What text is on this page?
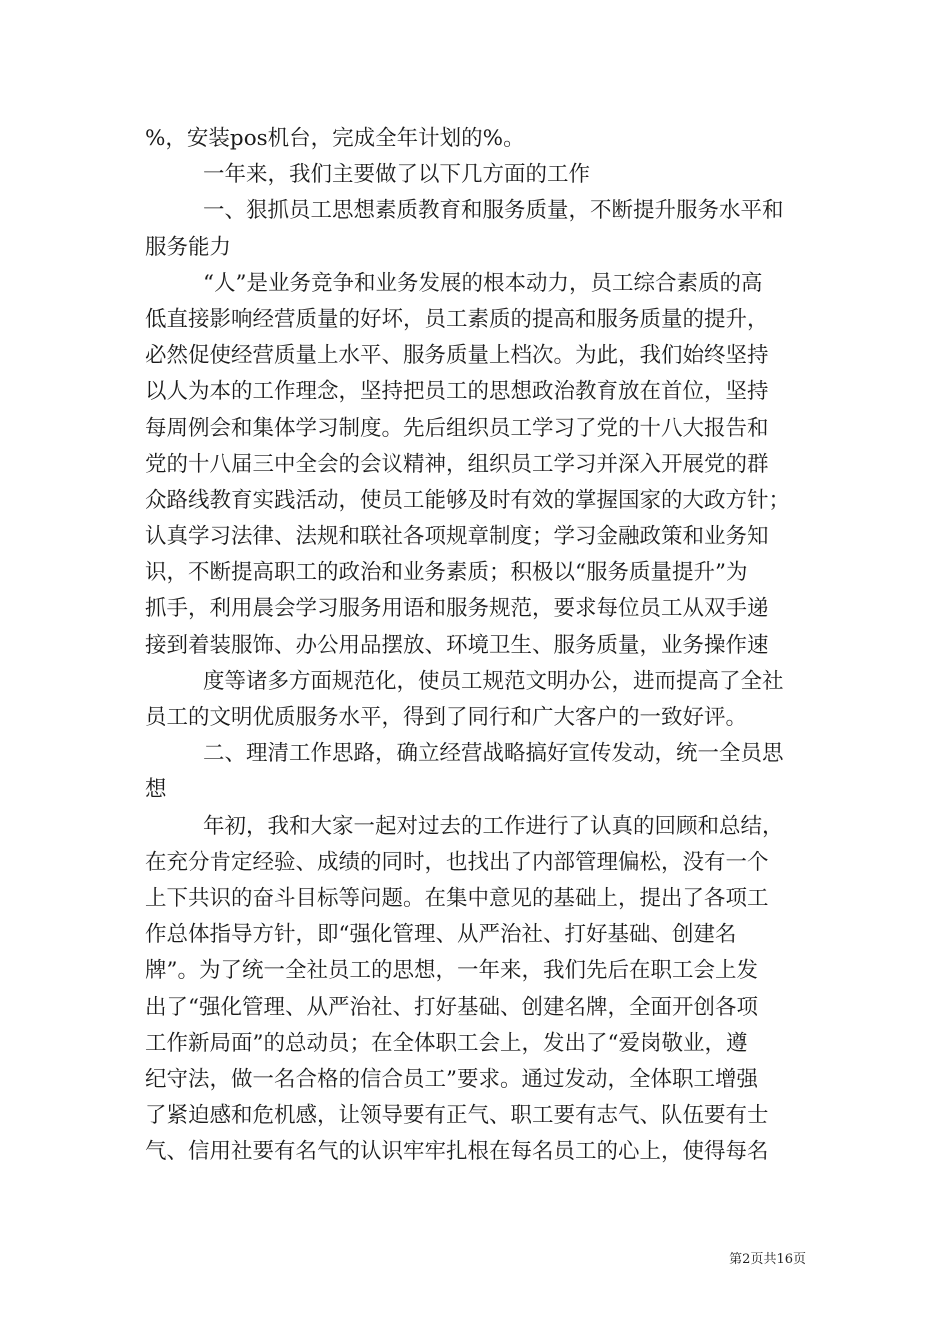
%，安装pos机台，完成全年计划的%。
一年来，我们主要做了以下几方面的工作
一、狠抓员工思想素质教育和服务质量，不断提升服务水平和
服务能力
“人”是业务竞争和业务发展的根本动力，员工综合素质的高
低直接影响经营质量的好坏，员工素质的提高和服务质量的提升，
必然促使经营质量上水平、服务质量上档次。为此，我们始终坚持
以人为本的工作理念，坚持把员工的思想政治教育放在首位，坚持
每周例会和集体学习制度。先后组织员工学习了党的十八大报告和
党的十八届三中全会的会议精神，组织员工学习并深入开展党的群
众路线教育实践活动，使员工能够及时有效的掌握国家的大政方针；
认真学习法律、法规和联社各项规章制度；学习金融政策和业务知
识，不断提高职工的政治和业务素质；积极以“服务质量提升”为
抓手，利用晨会学习服务用语和服务规范，要求每位员工从双手递
接到着装服饰、办公用品摆放、环境卫生、服务质量，业务操作速
度等诸多方面规范化，使员工规范文明办公，进而提高了全社
员工的文明优质服务水平，得到了同行和广大客户的一致好评。
二、理清工作思路，确立经营战略搞好宣传发动，统一全员思
想
年初，我和大家一起对过去的工作进行了认真的回顾和总结，
在充分肯定经验、成绩的同时，也找出了内部管理偏松，没有一个
上下共识的奋斗目标等问题。在集中意见的基础上，提出了各项工
作总体指导方针，即“强化管理、从严治社、打好基础、创建名
牌”。为了统一全社员工的思想，一年来，我们先后在职工会上发
出了“强化管理、从严治社、打好基础、创建名牌，全面开创各项
工作新局面”的总动员；在全体职工会上，发出了“爱岗敬业，遵
纪守法，做一名合格的信合员工”要求。通过发动，全体职工增强
了紧迫感和危机感，让领导要有正气、职工要有志气、队伍要有士
气、信用社要有名气的认识牢牢扎根在每名员工的心上，使得每名
第2页共16页
